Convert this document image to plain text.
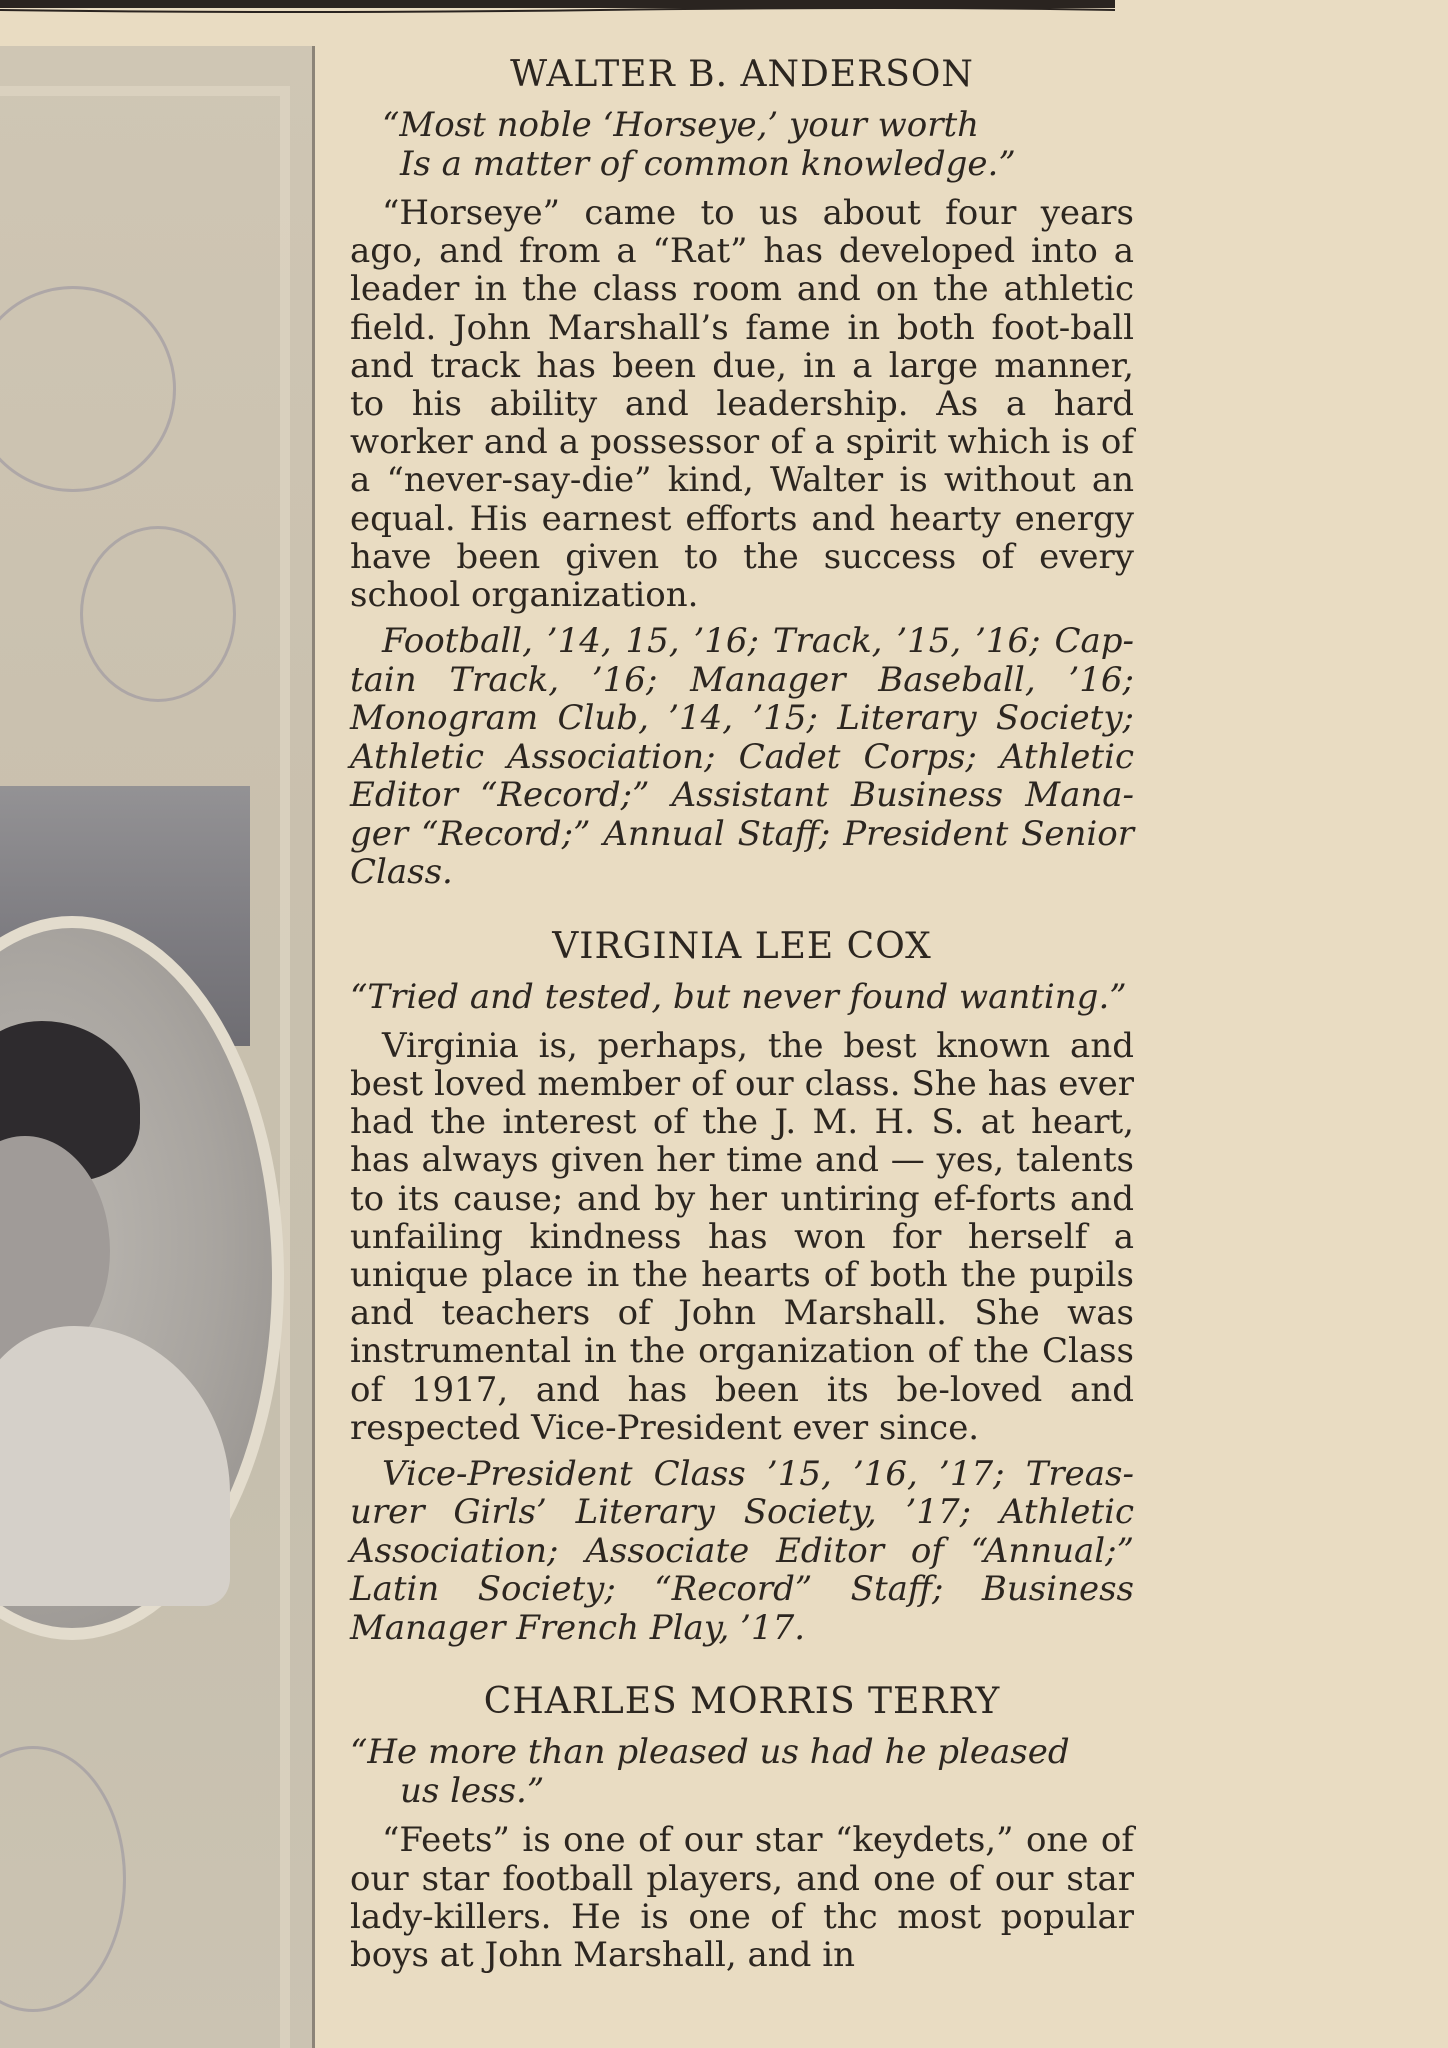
WALTER B. ANDERSON

“Most noble ‘Horseye,’ your worth
Is a matter of common knowledge.”

“Horseye” came to us about four years ago, and from a “Rat” has developed into a leader in the class room and on the athletic field. John Marshall’s fame in both foot-ball and track has been due, in a large manner, to his ability and leadership. As a hard worker and a possessor of a spirit which is of a “never-say-die” kind, Walter is without an equal. His earnest efforts and hearty energy have been given to the success of every school organization.

Football, ’14, 15, ’16; Track, ’15, ’16; Cap-tain Track, ’16; Manager Baseball, ’16; Monogram Club, ’14, ’15; Literary Society; Athletic Association; Cadet Corps; Athletic Editor “Record;” Assistant Business Mana-ger “Record;” Annual Staff; President Senior Class.

VIRGINIA LEE COX

“Tried and tested, but never found wanting.”

Virginia is, perhaps, the best known and best loved member of our class. She has ever had the interest of the J. M. H. S. at heart, has always given her time and — yes, talents to its cause; and by her untiring ef-forts and unfailing kindness has won for herself a unique place in the hearts of both the pupils and teachers of John Marshall. She was instrumental in the organization of the Class of 1917, and has been its be-loved and respected Vice-President ever since.

Vice-President Class ’15, ’16, ’17; Treas-urer Girls’ Literary Society, ’17; Athletic Association; Associate Editor of “Annual;” Latin Society; “Record” Staff; Business Manager French Play, ’17.

CHARLES MORRIS TERRY

“He more than pleased us had he pleased
us less.”

“Feets” is one of our star “keydets,” one of our star football players, and one of our star lady-killers. He is one of thc most popular boys at John Marshall, and in
